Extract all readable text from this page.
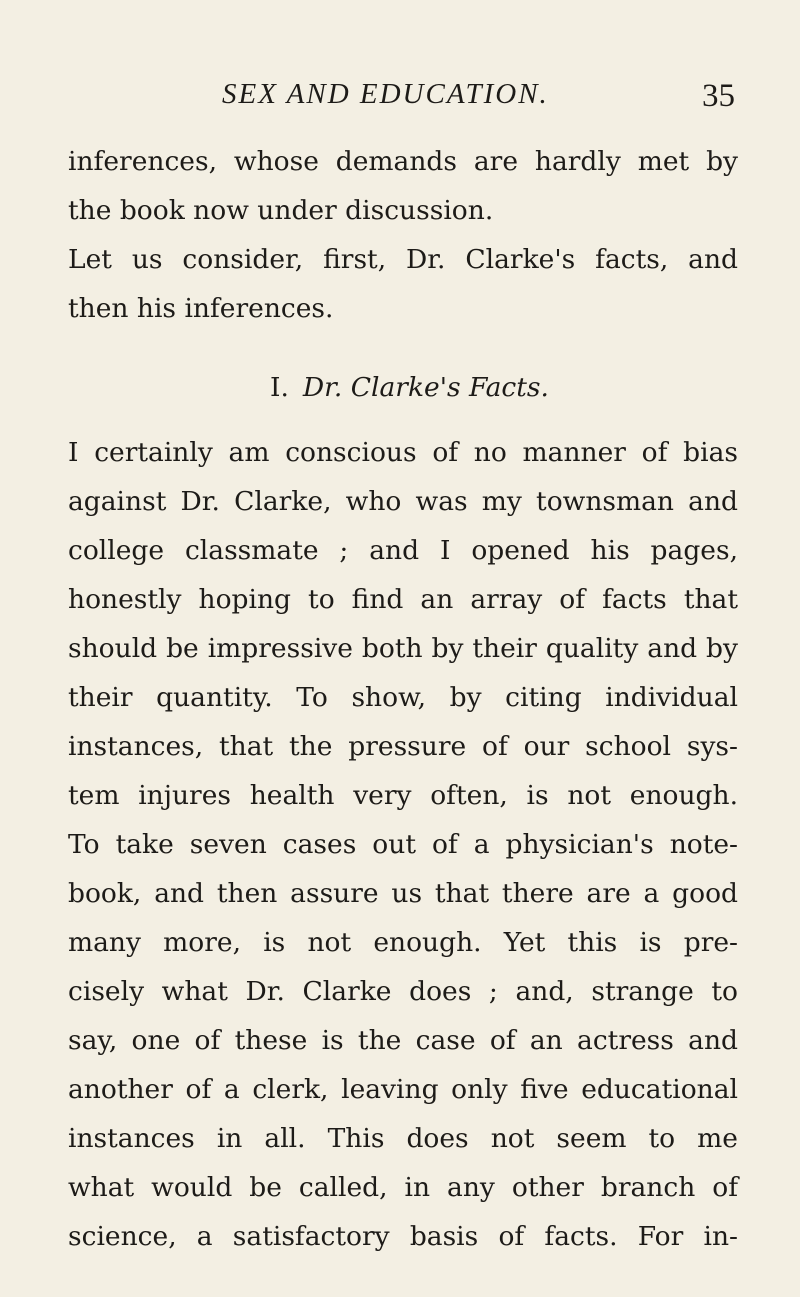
SEX AND EDUCATION.	35
inferences, whose demands are hardly met by
the book now under discussion.
Let us consider, first, Dr. Clarke's facts, and
then his inferences.
I. Dr. Clarke's Facts.
I certainly am conscious of no manner of bias
against Dr. Clarke, who was my townsman and
college classmate ; and I opened his pages,
honestly hoping to find an array of facts that
should be impressive both by their quality and by
their quantity. To show, by citing individual
instances, that the pressure of our school sys-
tem injures health very often, is not enough.
To take seven cases out of a physician's note-
book, and then assure us that there are a good
many more, is not enough. Yet this is pre-
cisely what Dr. Clarke does ; and, strange to
say, one of these is the case of an actress and
another of a clerk, leaving only five educational
instances in all. This does not seem to me
what would be called, in any other branch of
science, a satisfactory basis of facts. For in-
